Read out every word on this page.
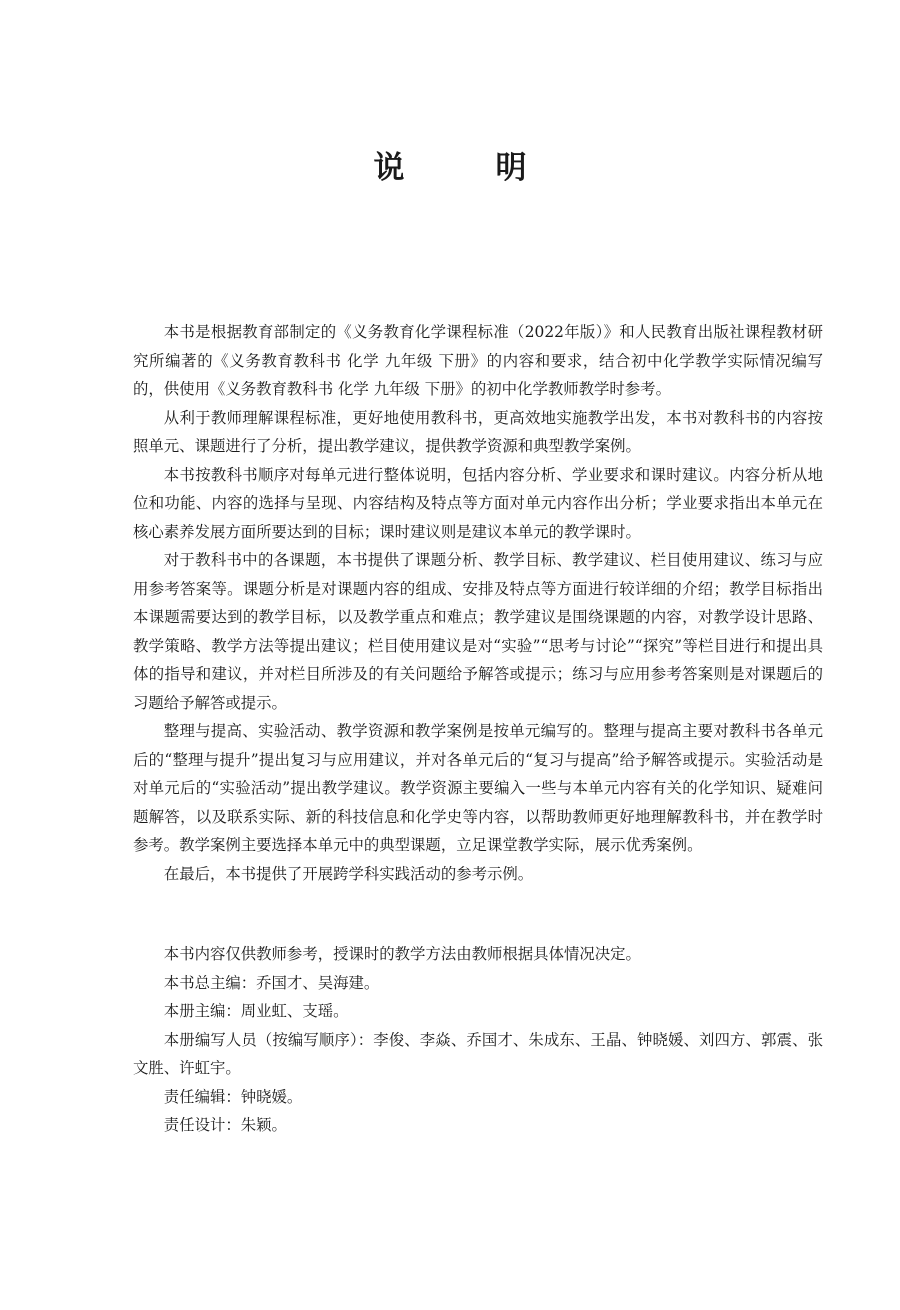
说　明

本书是根据教育部制定的《义务教育化学课程标准（2022年版）》和人民教育出版社课程教材研究所编著的《义务教育教科书 化学 九年级 下册》的内容和要求，结合初中化学教学实际情况编写的，供使用《义务教育教科书 化学 九年级 下册》的初中化学教师教学时参考。

从利于教师理解课程标准，更好地使用教科书，更高效地实施教学出发，本书对教科书的内容按照单元、课题进行了分析，提出教学建议，提供教学资源和典型教学案例。

本书按教科书顺序对每单元进行整体说明，包括内容分析、学业要求和课时建议。内容分析从地位和功能、内容的选择与呈现、内容结构及特点等方面对单元内容作出分析；学业要求指出本单元在核心素养发展方面所要达到的目标；课时建议则是建议本单元的教学课时。

对于教科书中的各课题，本书提供了课题分析、教学目标、教学建议、栏目使用建议、练习与应用参考答案等。课题分析是对课题内容的组成、安排及特点等方面进行较详细的介绍；教学目标指出本课题需要达到的教学目标，以及教学重点和难点；教学建议是围绕课题的内容，对教学设计思路、教学策略、教学方法等提出建议；栏目使用建议是对“实验”“思考与讨论”“探究”等栏目进行和提出具体的指导和建议，并对栏目所涉及的有关问题给予解答或提示；练习与应用参考答案则是对课题后的习题给予解答或提示。

整理与提高、实验活动、教学资源和教学案例是按单元编写的。整理与提高主要对教科书各单元后的“整理与提升”提出复习与应用建议，并对各单元后的“复习与提高”给予解答或提示。实验活动是对单元后的“实验活动”提出教学建议。教学资源主要编入一些与本单元内容有关的化学知识、疑难问题解答，以及联系实际、新的科技信息和化学史等内容，以帮助教师更好地理解教科书，并在教学时参考。教学案例主要选择本单元中的典型课题，立足课堂教学实际，展示优秀案例。

在最后，本书提供了开展跨学科实践活动的参考示例。

本书内容仅供教师参考，授课时的教学方法由教师根据具体情况决定。

本书总主编：乔国才、吴海建。

本册主编：周业虹、支瑶。

本册编写人员（按编写顺序）：李俊、李焱、乔国才、朱成东、王晶、钟晓媛、刘四方、郭震、张文胜、许虹宇。

责任编辑：钟晓媛。

责任设计：朱颖。
